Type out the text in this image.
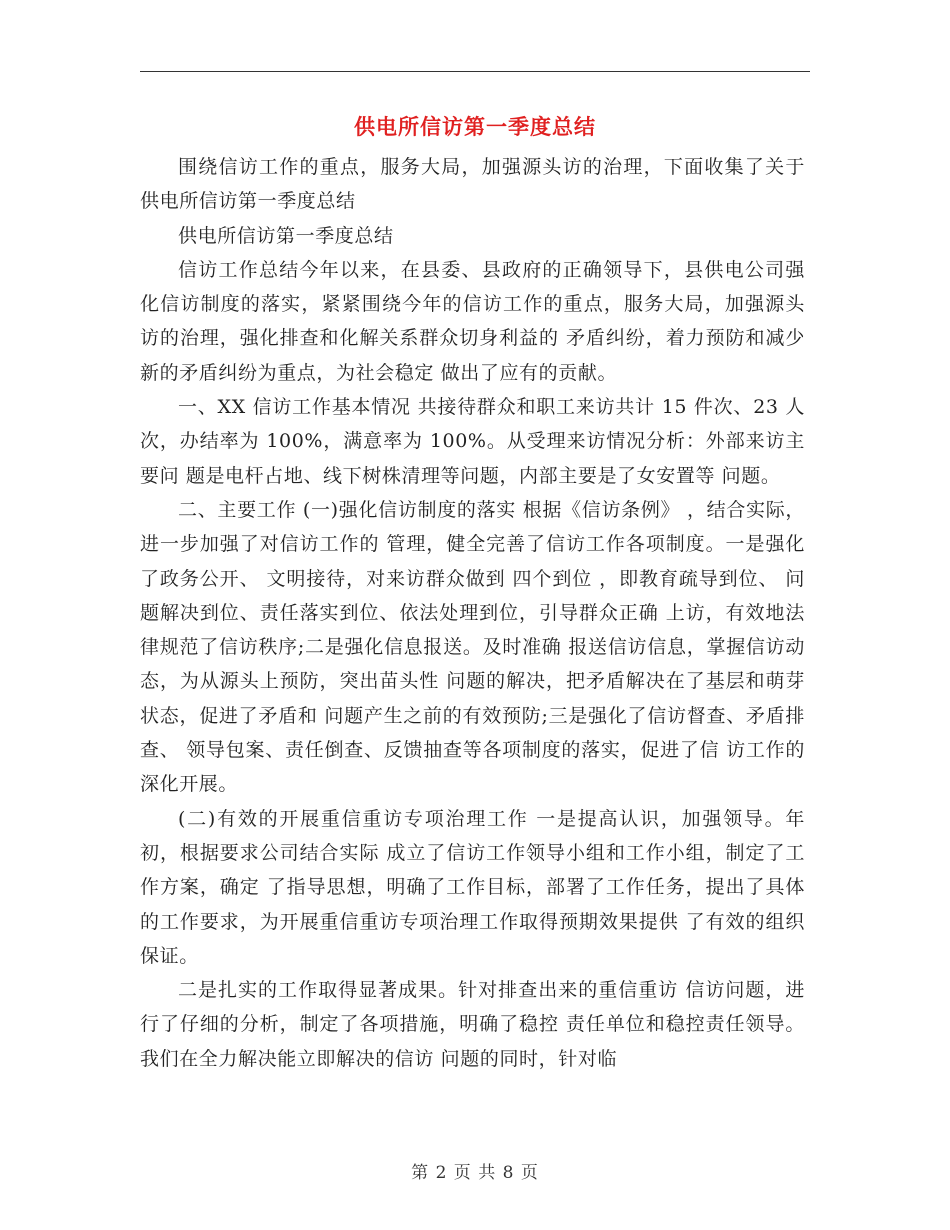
供电所信访第一季度总结

围绕信访工作的重点，服务大局，加强源头访的治理，下面收集了关于供电所信访第一季度总结

供电所信访第一季度总结

信访工作总结今年以来，在县委、县政府的正确领导下，县供电公司强 化信访制度的落实，紧紧围绕今年的信访工作的重点，服务大局，加强源头访的治理，强化排查和化解关系群众切身利益的 矛盾纠纷，着力预防和减少新的矛盾纠纷为重点，为社会稳定 做出了应有的贡献。

一、XX 信访工作基本情况 共接待群众和职工来访共计 15 件次、23 人次，办结率为 100%，满意率为 100%。从受理来访情况分析：外部来访主要问 题是电杆占地、线下树株清理等问题，内部主要是了女安置等 问题。

二、主要工作 (一)强化信访制度的落实 根据《信访条例》 ，结合实际，进一步加强了对信访工作的 管理，健全完善了信访工作各项制度。一是强化了政务公开、 文明接待，对来访群众做到 四个到位 ，即教育疏导到位、 问题解决到位、责任落实到位、依法处理到位，引导群众正确 上访，有效地法律规范了信访秩序;二是强化信息报送。及时准确 报送信访信息，掌握信访动态，为从源头上预防，突出苗头性 问题的解决，把矛盾解决在了基层和萌芽状态，促进了矛盾和 问题产生之前的有效预防;三是强化了信访督查、矛盾排查、 领导包案、责任倒查、反馈抽查等各项制度的落实，促进了信 访工作的深化开展。

(二)有效的开展重信重访专项治理工作 一是提高认识，加强领导。年初，根据要求公司结合实际 成立了信访工作领导小组和工作小组，制定了工作方案，确定 了指导思想，明确了工作目标，部署了工作任务，提出了具体 的工作要求，为开展重信重访专项治理工作取得预期效果提供 了有效的组织保证。

二是扎实的工作取得显著成果。针对排查出来的重信重访 信访问题，进行了仔细的分析，制定了各项措施，明确了稳控 责任单位和稳控责任领导。我们在全力解决能立即解决的信访 问题的同时，针对临

第 2 页 共 8 页
